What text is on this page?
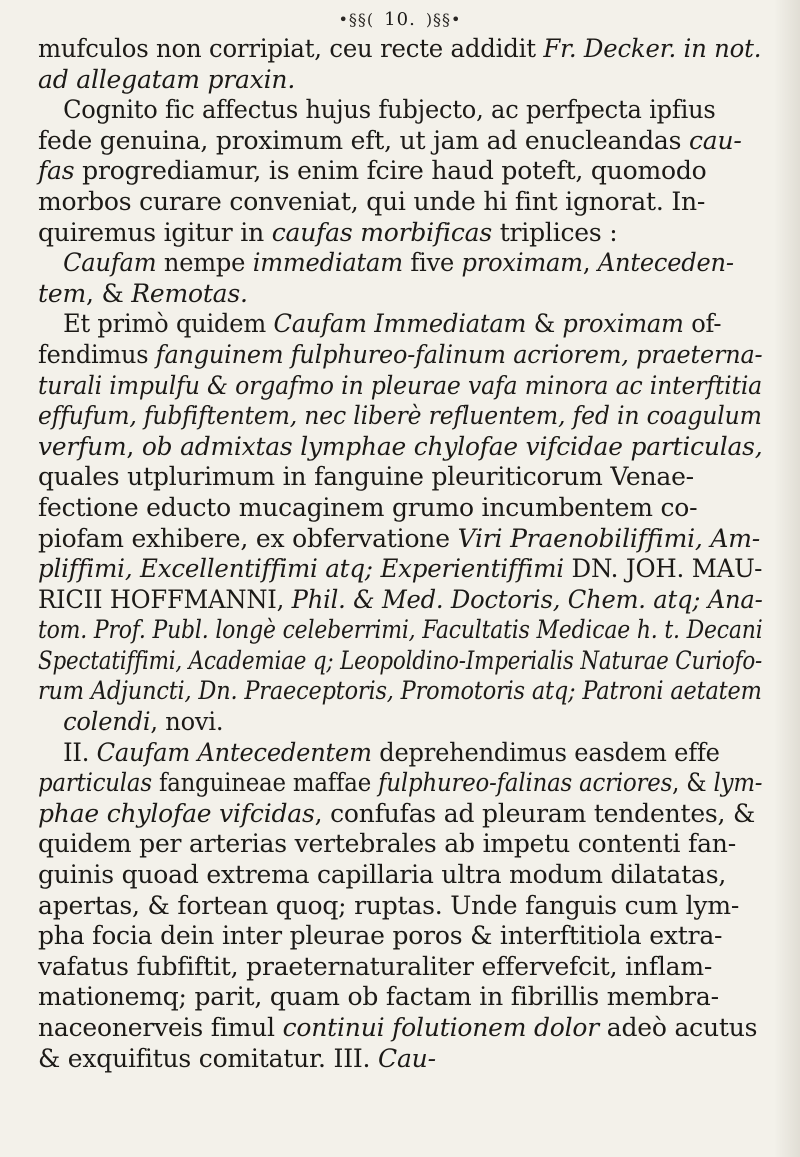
•§§( 10. )§§•
mufculos non corripiat, ceu recte addidit Fr. Decker. in not.
ad allegatam praxin.
Cognito fic affectus hujus fubjecto, ac perfpecta ipfius
fede genuina, proximum eft, ut jam ad enucleandas cau-
fas progrediamur, is enim fcire haud poteft, quomodo
morbos curare conveniat, qui unde hi fint ignorat. In-
quiremus igitur in caufas morbificas triplices :
Caufam nempe immediatam five proximam, Anteceden-
tem, & Remotas.
Et primò quidem Caufam Immediatam & proximam of-
fendimus fanguinem fulphureo-falinum acriorem, praeterna-
turali impulfu & orgafmo in pleurae vafa minora ac interftitia
effufum, fubfiftentem, nec liberè refluentem, fed in coagulum
verfum, ob admixtas lymphae chylofae vifcidae particulas,
quales utplurimum in fanguine pleuriticorum Venae-
fectione educto mucaginem grumo incumbentem co-
piofam exhibere, ex obfervatione Viri Praenobiliffimi, Am-
pliffimi, Excellentiffimi atq; Experientiffimi DN. JOH. MAU-
RICII HOFFMANNI, Phil. & Med. Doctoris, Chem. atq; Ana-
tom. Prof. Publ. longè celeberrimi, Facultatis Medicae h. t. Decani
Spectatiffimi, Academiae q; Leopoldino-Imperialis Naturae Curiofo-
rum Adjuncti, Dn. Praeceptoris, Promotoris atq; Patroni aetatem
colendi, novi.
II. Caufam Antecedentem deprehendimus easdem effe
particulas fanguineae maffae fulphureo-falinas acriores, & lym-
phae chylofae vifcidas, confufas ad pleuram tendentes, &
quidem per arterias vertebrales ab impetu contenti fan-
guinis quoad extrema capillaria ultra modum dilatatas,
apertas, & fortean quoq; ruptas. Unde fanguis cum lym-
pha focia dein inter pleurae poros & interftitiola extra-
vafatus fubfiftit, praeternaturaliter effervefcit, inflam-
mationemq; parit, quam ob factam in fibrillis membra-
naceonerveis fimul continui folutionem dolor adeò acutus
& exquifitus comitatur. III. Cau-
